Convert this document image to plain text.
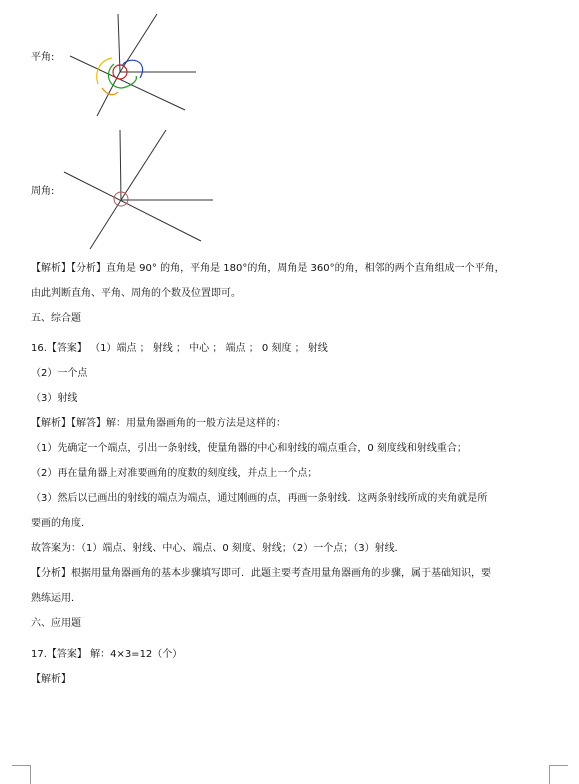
平角:
周角:
【解析】【分析】直角是 90° 的角，平角是 180°的角，周角是 360°的角，相邻的两个直角组成一个平角，
由此判断直角、平角、周角的个数及位置即可。
五、综合题
16.【答案】 （1）端点 ； 射线 ； 中心 ； 端点 ； 0 刻度 ； 射线
（2）一个点
（3）射线
【解析】【解答】解：用量角器画角的一般方法是这样的：
（1）先确定一个端点，引出一条射线，使量角器的中心和射线的端点重合，0 刻度线和射线重合；
（2）再在量角器上对准要画角的度数的刻度线，并点上一个点；
（3）然后以已画出的射线的端点为端点，通过刚画的点，再画一条射线．这两条射线所成的夹角就是所
要画的角度．
故答案为：（1）端点、射线、中心、端点、0 刻度、射线；（2）一个点；（3）射线．
【分析】根据用量角器画角的基本步骤填写即可．此题主要考查用量角器画角的步骤，属于基础知识，要
熟练运用．
六、应用题
17.【答案】 解：4×3=12（个）
【解析】
